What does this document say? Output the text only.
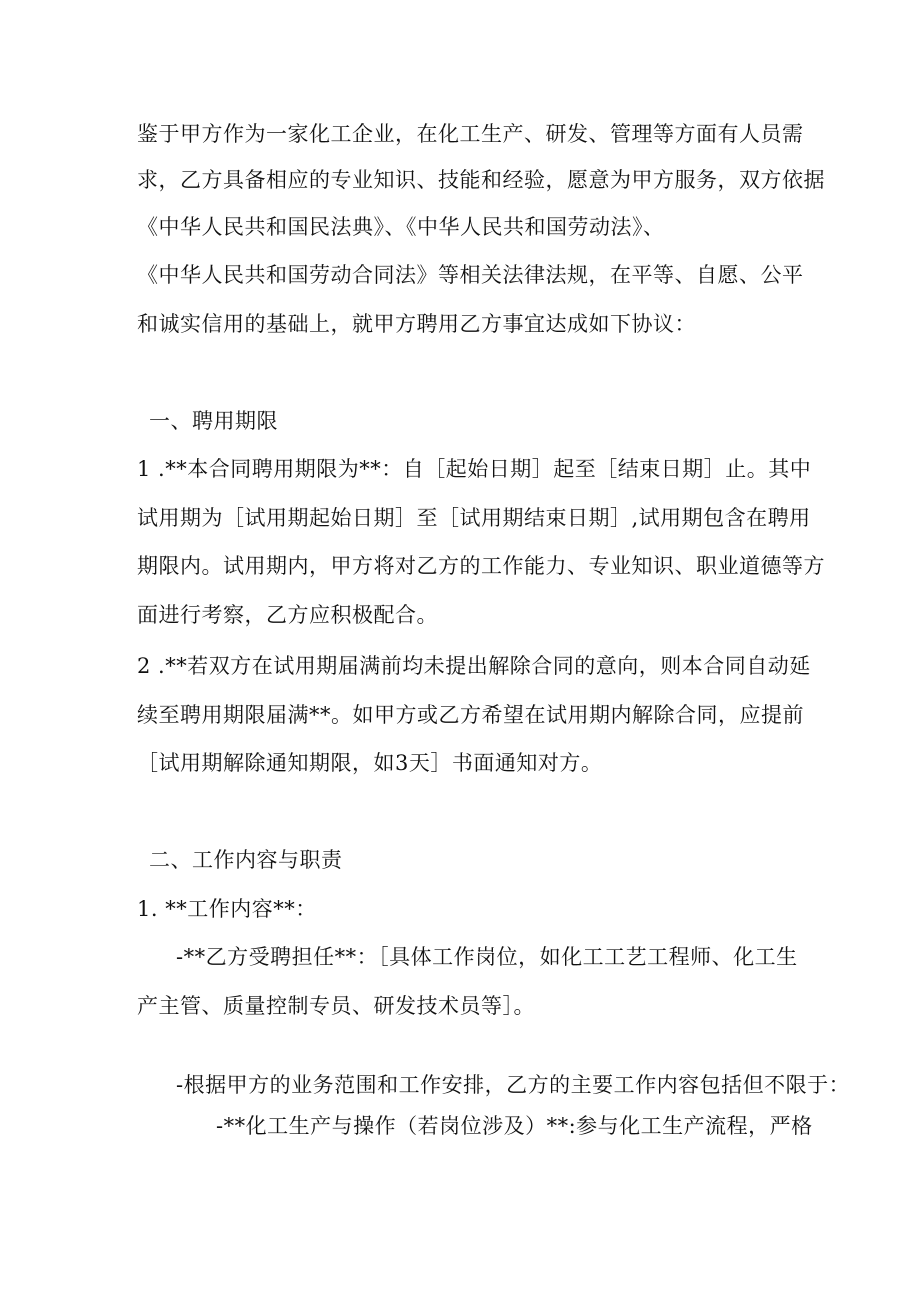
鉴于甲方作为一家化工企业，在化工生产、研发、管理等方面有人员需
求，乙方具备相应的专业知识、技能和经验，愿意为甲方服务，双方依据
《中华人民共和国民法典》、《中华人民共和国劳动法》、
《中华人民共和国劳动合同法》等相关法律法规，在平等、自愿、公平
和诚实信用的基础上，就甲方聘用乙方事宜达成如下协议：
一、聘用期限
1 .**本合同聘用期限为**：自［起始日期］起至［结束日期］止。其中
试用期为［试用期起始日期］至［试用期结束日期］,试用期包含在聘用
期限内。试用期内，甲方将对乙方的工作能力、专业知识、职业道德等方
面进行考察，乙方应积极配合。
2 .**若双方在试用期届满前均未提出解除合同的意向，则本合同自动延
续至聘用期限届满**。如甲方或乙方希望在试用期内解除合同，应提前
［试用期解除通知期限，如3天］书面通知对方。
二、工作内容与职责
1. **工作内容**：
-**乙方受聘担任**：［具体工作岗位，如化工工艺工程师、化工生
产主管、质量控制专员、研发技术员等］。
-根据甲方的业务范围和工作安排，乙方的主要工作内容包括但不限于：
-**化工生产与操作（若岗位涉及）**:参与化工生产流程，严格
